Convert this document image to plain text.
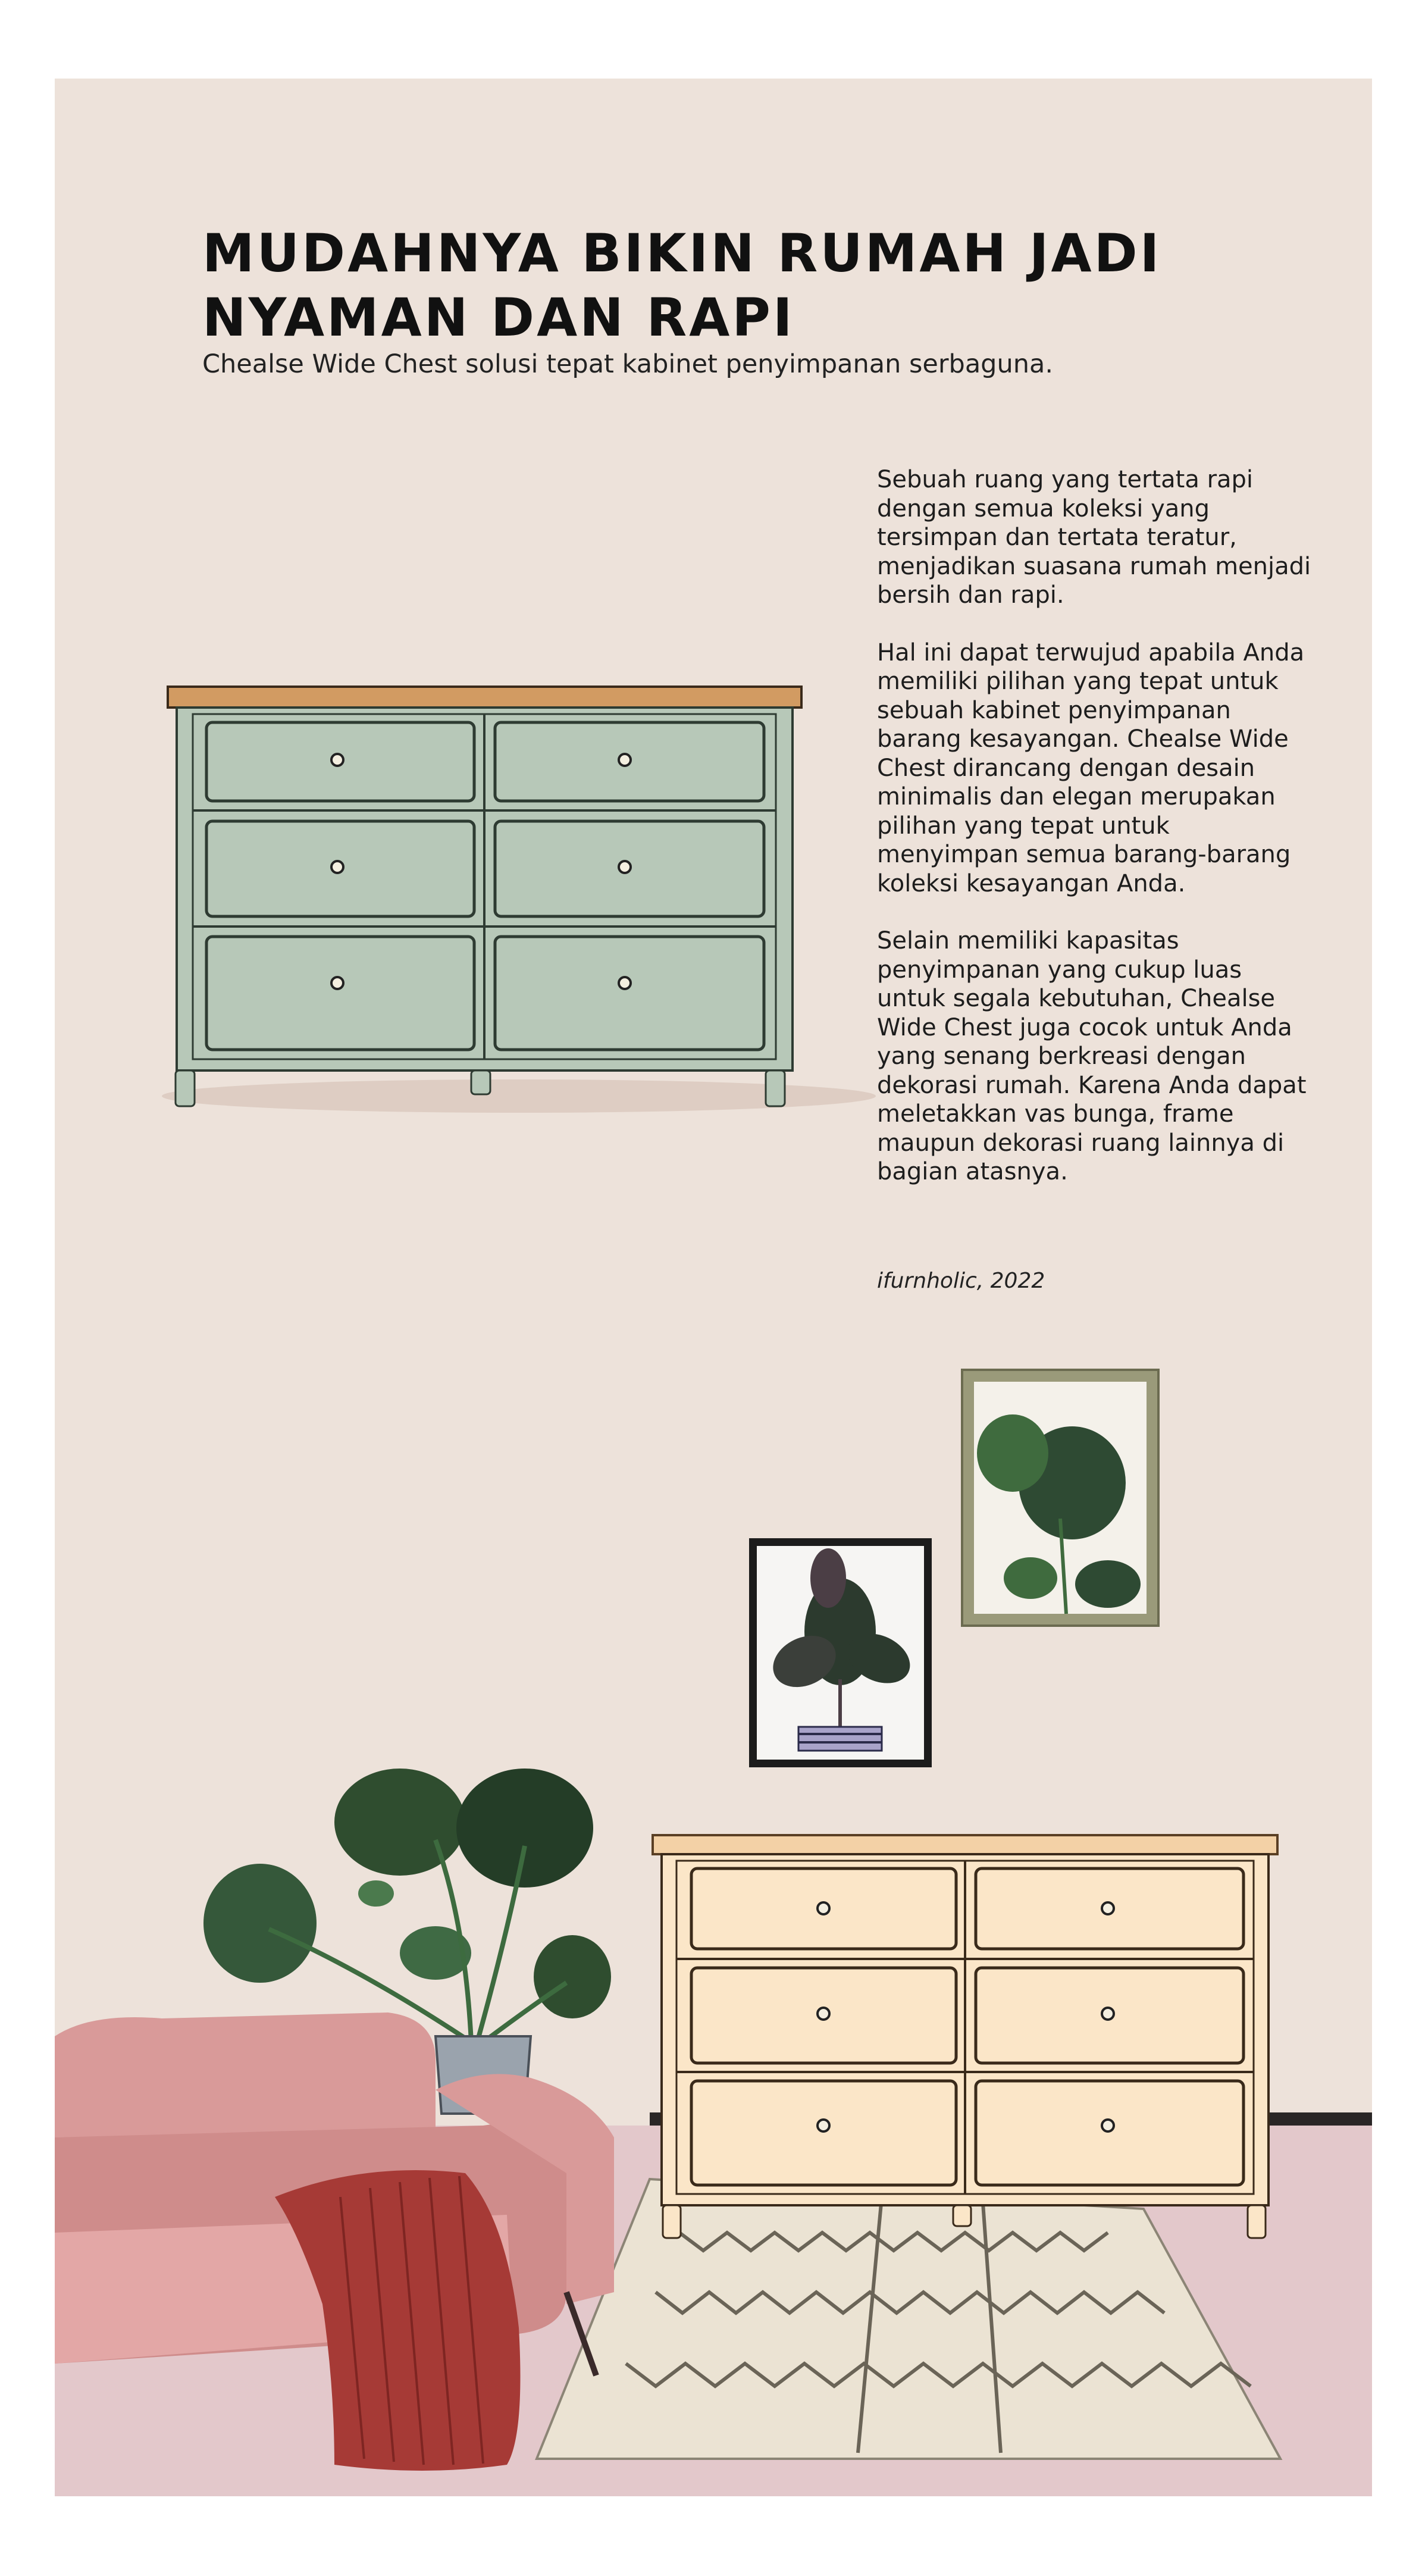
MUDAHNYA BIKIN RUMAH JADI
NYAMAN DAN RAPI

Chealse Wide Chest solusi tepat kabinet penyimpanan serbaguna.

Sebuah ruang yang tertata rapi dengan semua koleksi yang tersimpan dan tertata teratur, menjadikan suasana rumah menjadi bersih dan rapi.

Hal ini dapat terwujud apabila Anda memiliki pilihan yang tepat untuk sebuah kabinet penyimpanan barang kesayangan. Chealse Wide Chest dirancang dengan desain minimalis dan elegan merupakan pilihan yang tepat untuk menyimpan semua barang-barang koleksi kesayangan Anda.

Selain memiliki kapasitas penyimpanan yang cukup luas untuk segala kebutuhan, Chealse Wide Chest juga cocok untuk Anda yang senang berkreasi dengan dekorasi rumah. Karena Anda dapat meletakkan vas bunga, frame maupun dekorasi ruang lainnya di bagian atasnya.

ifurnholic, 2022
